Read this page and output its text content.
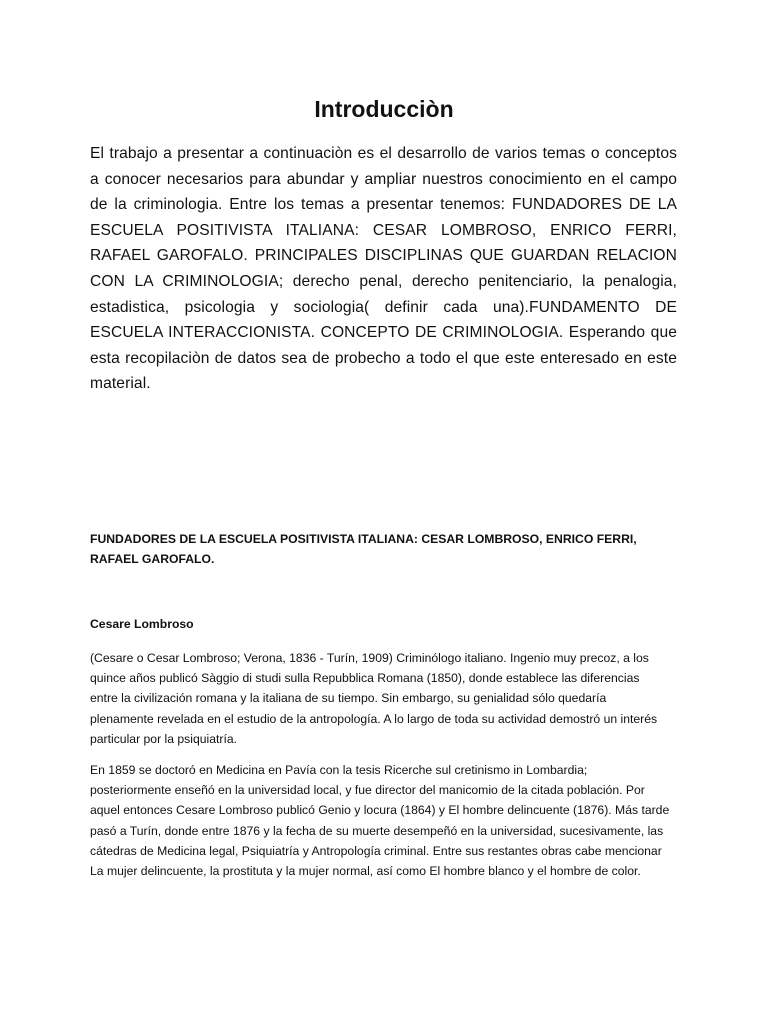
Introducciòn

El trabajo a presentar a continuaciòn es el desarrollo de varios temas o conceptos a conocer necesarios para abundar y ampliar nuestros conocimiento en el campo de la criminologia. Entre los temas a presentar tenemos: FUNDADORES DE LA ESCUELA POSITIVISTA ITALIANA: CESAR LOMBROSO, ENRICO FERRI, RAFAEL GAROFALO. PRINCIPALES DISCIPLINAS QUE GUARDAN RELACION CON LA CRIMINOLOGIA; derecho penal, derecho penitenciario, la penalogia, estadistica, psicologia y sociologia( definir cada una).FUNDAMENTO DE ESCUELA INTERACCIONISTA. CONCEPTO DE CRIMINOLOGIA. Esperando que esta recopilaciòn de datos sea de probecho a todo el que este enteresado en este material.

FUNDADORES DE LA ESCUELA POSITIVISTA ITALIANA: CESAR LOMBROSO, ENRICO FERRI, RAFAEL GAROFALO.
Cesare Lombroso

(Cesare o Cesar Lombroso; Verona, 1836 - Turín, 1909) Criminólogo italiano. Ingenio muy precoz, a los quince años publicó Sàggio di studi sulla Repubblica Romana (1850), donde establece las diferencias entre la civilización romana y la italiana de su tiempo. Sin embargo, su genialidad sólo quedaría plenamente revelada en el estudio de la antropología. A lo largo de toda su actividad demostró un interés particular por la psiquiatría.

En 1859 se doctoró en Medicina en Pavía con la tesis Ricerche sul cretinismo in Lombardia; posteriormente enseñó en la universidad local, y fue director del manicomio de la citada población. Por aquel entonces Cesare Lombroso publicó Genio y locura (1864) y El hombre delincuente (1876). Más tarde pasó a Turín, donde entre 1876 y la fecha de su muerte desempeñó en la universidad, sucesivamente, las cátedras de Medicina legal, Psiquiatría y Antropología criminal. Entre sus restantes obras cabe mencionar La mujer delincuente, la prostituta y la mujer normal, así como El hombre blanco y el hombre de color.
